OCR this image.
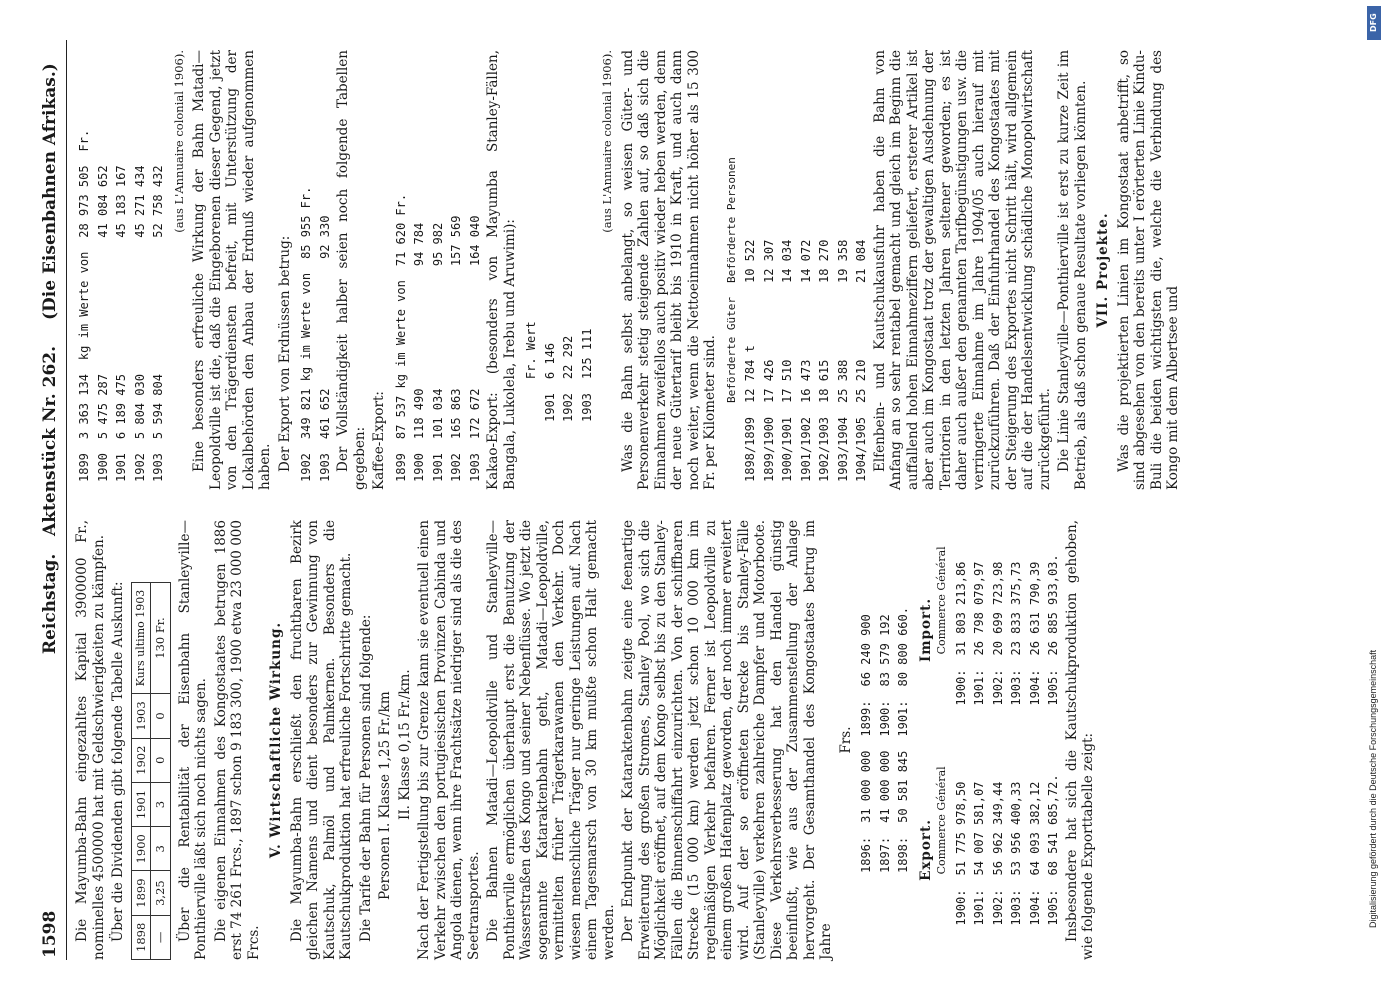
1598
Reichstag.   Aktenstück Nr. 262.
(Die Eisenbahnen Afrikas.)

Die Mayumba-Bahn eingezahltes Kapital 3900000 Fr., nominelles 4500000 hat mit Geldschwierigkeiten zu kämpfen. Über die Dividenden gibt folgende Tabelle Auskunft: 1898	1899	1900	1901	1902	1903	Kurs ultimo 1903
—	3,25	3	3	0	0	130 Fr. Über die Rentabilität der Eisenbahn Stanleyville—Ponthierville läßt sich noch nichts sagen. Die eigenen Einnahmen des Kongostaates betrugen 1886 erst 74 261 Frcs., 1897 schon 9 183 300, 1900 etwa 23 000 000 Frcs.

V. Wirtschaftliche Wirkung. Die Mayumba-Bahn erschließt den fruchtbaren Bezirk gleichen Namens und dient besonders zur Gewinnung von Kautschuk, Palmöl und Palmkernen. Besonders die Kautschukproduktion hat erfreuliche Fortschritte gemacht. Die Tarife der Bahn für Personen sind folgende: Personen I. Klasse 1,25 Fr./km II. Klasse 0,15 Fr./km. Nach der Fertigstellung bis zur Grenze kann sie eventuell einen Verkehr zwischen den portugiesischen Provinzen Cabinda und Angola dienen, wenn ihre Frachtsätze niedriger sind als die des Seetransportes. Die Bahnen Matadi—Leopoldville und Stanleyville—Ponthierville ermöglichen überhaupt erst die Benutzung der Wasserstraßen des Kongo und seiner Nebenflüsse. Wo jetzt die sogenannte Kataraktenbahn geht, Matadi—Leopoldville, vermittelten früher Trägerkarawanen den Verkehr. Doch wiesen menschliche Träger nur geringe Leistungen auf. Nach einem Tagesmarsch von 30 km mußte schon Halt gemacht werden. Der Endpunkt der Kataraktenbahn zeigte eine feenartige Erweiterung des großen Stromes, Stanley Pool, wo sich die Möglichkeit eröffnet, auf dem Kongo selbst bis zu den Stanley-Fällen die Binnenschiffahrt einzurichten. Von der schiffbaren Strecke (15 000 km) werden jetzt schon 10 000 km im regelmäßigen Verkehr befahren. Ferner ist Leopoldville zu einem großen Hafenplatz geworden, der noch immer erweitert wird. Auf der so eröffneten Strecke bis Stanley-Fälle (Stanleyville) verkehren zahlreiche Dampfer und Motorboote. Diese Verkehrsverbesserung hat den Handel günstig beeinflußt, wie aus der Zusammenstellung der Anlage hervorgeht. Der Gesamthandel des Kongostaates betrug im Jahre

Frs.
1896:	31 000 000	1899:	66 240 900
1897:	41 000 000	1900:	83 579 192
1898:	50 581 845	1901:	80 800 660.
Export. Commerce Général
1900:	51 775 978,50
1901:	54 007 581,07
1902:	56 962 349,44
1903:	53 956 400,33
1904:	64 093 382,12
1905:	68 541 685,72.
Import. Commerce Général
1900:	31 803 213,86
1901:	26 798 079,97
1902:	20 699 723,98
1903:	23 833 375,73
1904:	26 631 790,39
1905:	26 885 933,03. Insbesondere hat sich die Kautschukproduktion gehoben, wie folgende Exporttabelle zeigt:

1899	3 363 134	kg im Werte von	28 973 505	Fr.
1900	5 475 287		41 084 652	
1901	6 189 475		45 183 167	
1902	5 804 030		45 271 434	
1903	5 594 804		52 758 432	(aus L'Annuaire colonial 1906). Eine besonders erfreuliche Wirkung der Bahn Matadi—Leopoldville ist die, daß die Eingeborenen dieser Gegend, jetzt von den Trägerdiensten befreit, mit Unterstützung der Lokalbehörden den Anbau der Erdnuß wieder aufgenommen haben. Der Export von Erdnüssen betrug: 1902	349 821 kg im Werte von	85 955 Fr.
1903	461 652	92 330 Der Vollständigkeit halber seien noch folgende Tabellen gegeben: Kaffee-Export: 1899	87 537 kg im Werte von	71 620 Fr.
1900	118 490	94 784
1901	101 034	95 982
1902	165 863	157 569
1903	172 672	164 040 Kakao-Export: (besonders von Mayumba Stanley-Fällen, Bangala, Lukolela, Irebu und Aruwimi):

	Fr. Wert
1901	6 146
1902	22 292
1903	125 111
(aus L'Annuaire colonial 1906). Was die Bahn selbst anbelangt, so weisen Güter- und Personenverkehr stetig steigende Zahlen auf, so daß sich die Einnahmen zweifellos auch positiv wieder heben werden, denn der neue Gütertarif bleibt bis 1910 in Kraft, und auch dann noch weiter, wenn die Nettoeinnahmen nicht höher als 15 300 Fr. per Kilometer sind.

	Beförderte Güter	Beförderte Personen
1898/1899	12 784 t	10 522
1899/1900	17 426	12 307
1900/1901	17 510	14 034
1901/1902	16 473	14 072
1902/1903	18 615	18 270
1903/1904	25 388	19 358
1904/1905	25 210	21 084 Elfenbein- und Kautschukausfuhr haben die Bahn von Anfang an so sehr rentabel gemacht und gleich im Beginn die auffallend hohen Einnahmeziffern geliefert, ersterer Artikel ist aber auch im Kongostaat trotz der gewaltigen Ausdehnung der Territorien in den letzten Jahren seltener geworden; es ist daher auch außer den genannten Tarifbegünstigungen usw. die verringerte Einnahme im Jahre 1904/05 auch hierauf mit zurückzuführen. Daß der Einfuhrhandel des Kongostaates mit der Steigerung des Exportes nicht Schritt hält, wird allgemein auf die der Handelsentwicklung schädliche Monopolwirtschaft zurückgeführt. Die Linie Stanleyville—Ponthierville ist erst zu kurze Zeit im Betrieb, als daß schon genaue Resultate vorliegen könnten. VII. Projekte. Was die projektierten Linien im Kongostaat anbetrifft, so sind abgesehen von den bereits unter I erörterten Linie Kindu-Buli die beiden wichtigsten die, welche die Verbindung des Kongo mit dem Albertsee und

DFG
Digitalisierung gefördert durch die Deutsche Forschungsgemeinschaft
